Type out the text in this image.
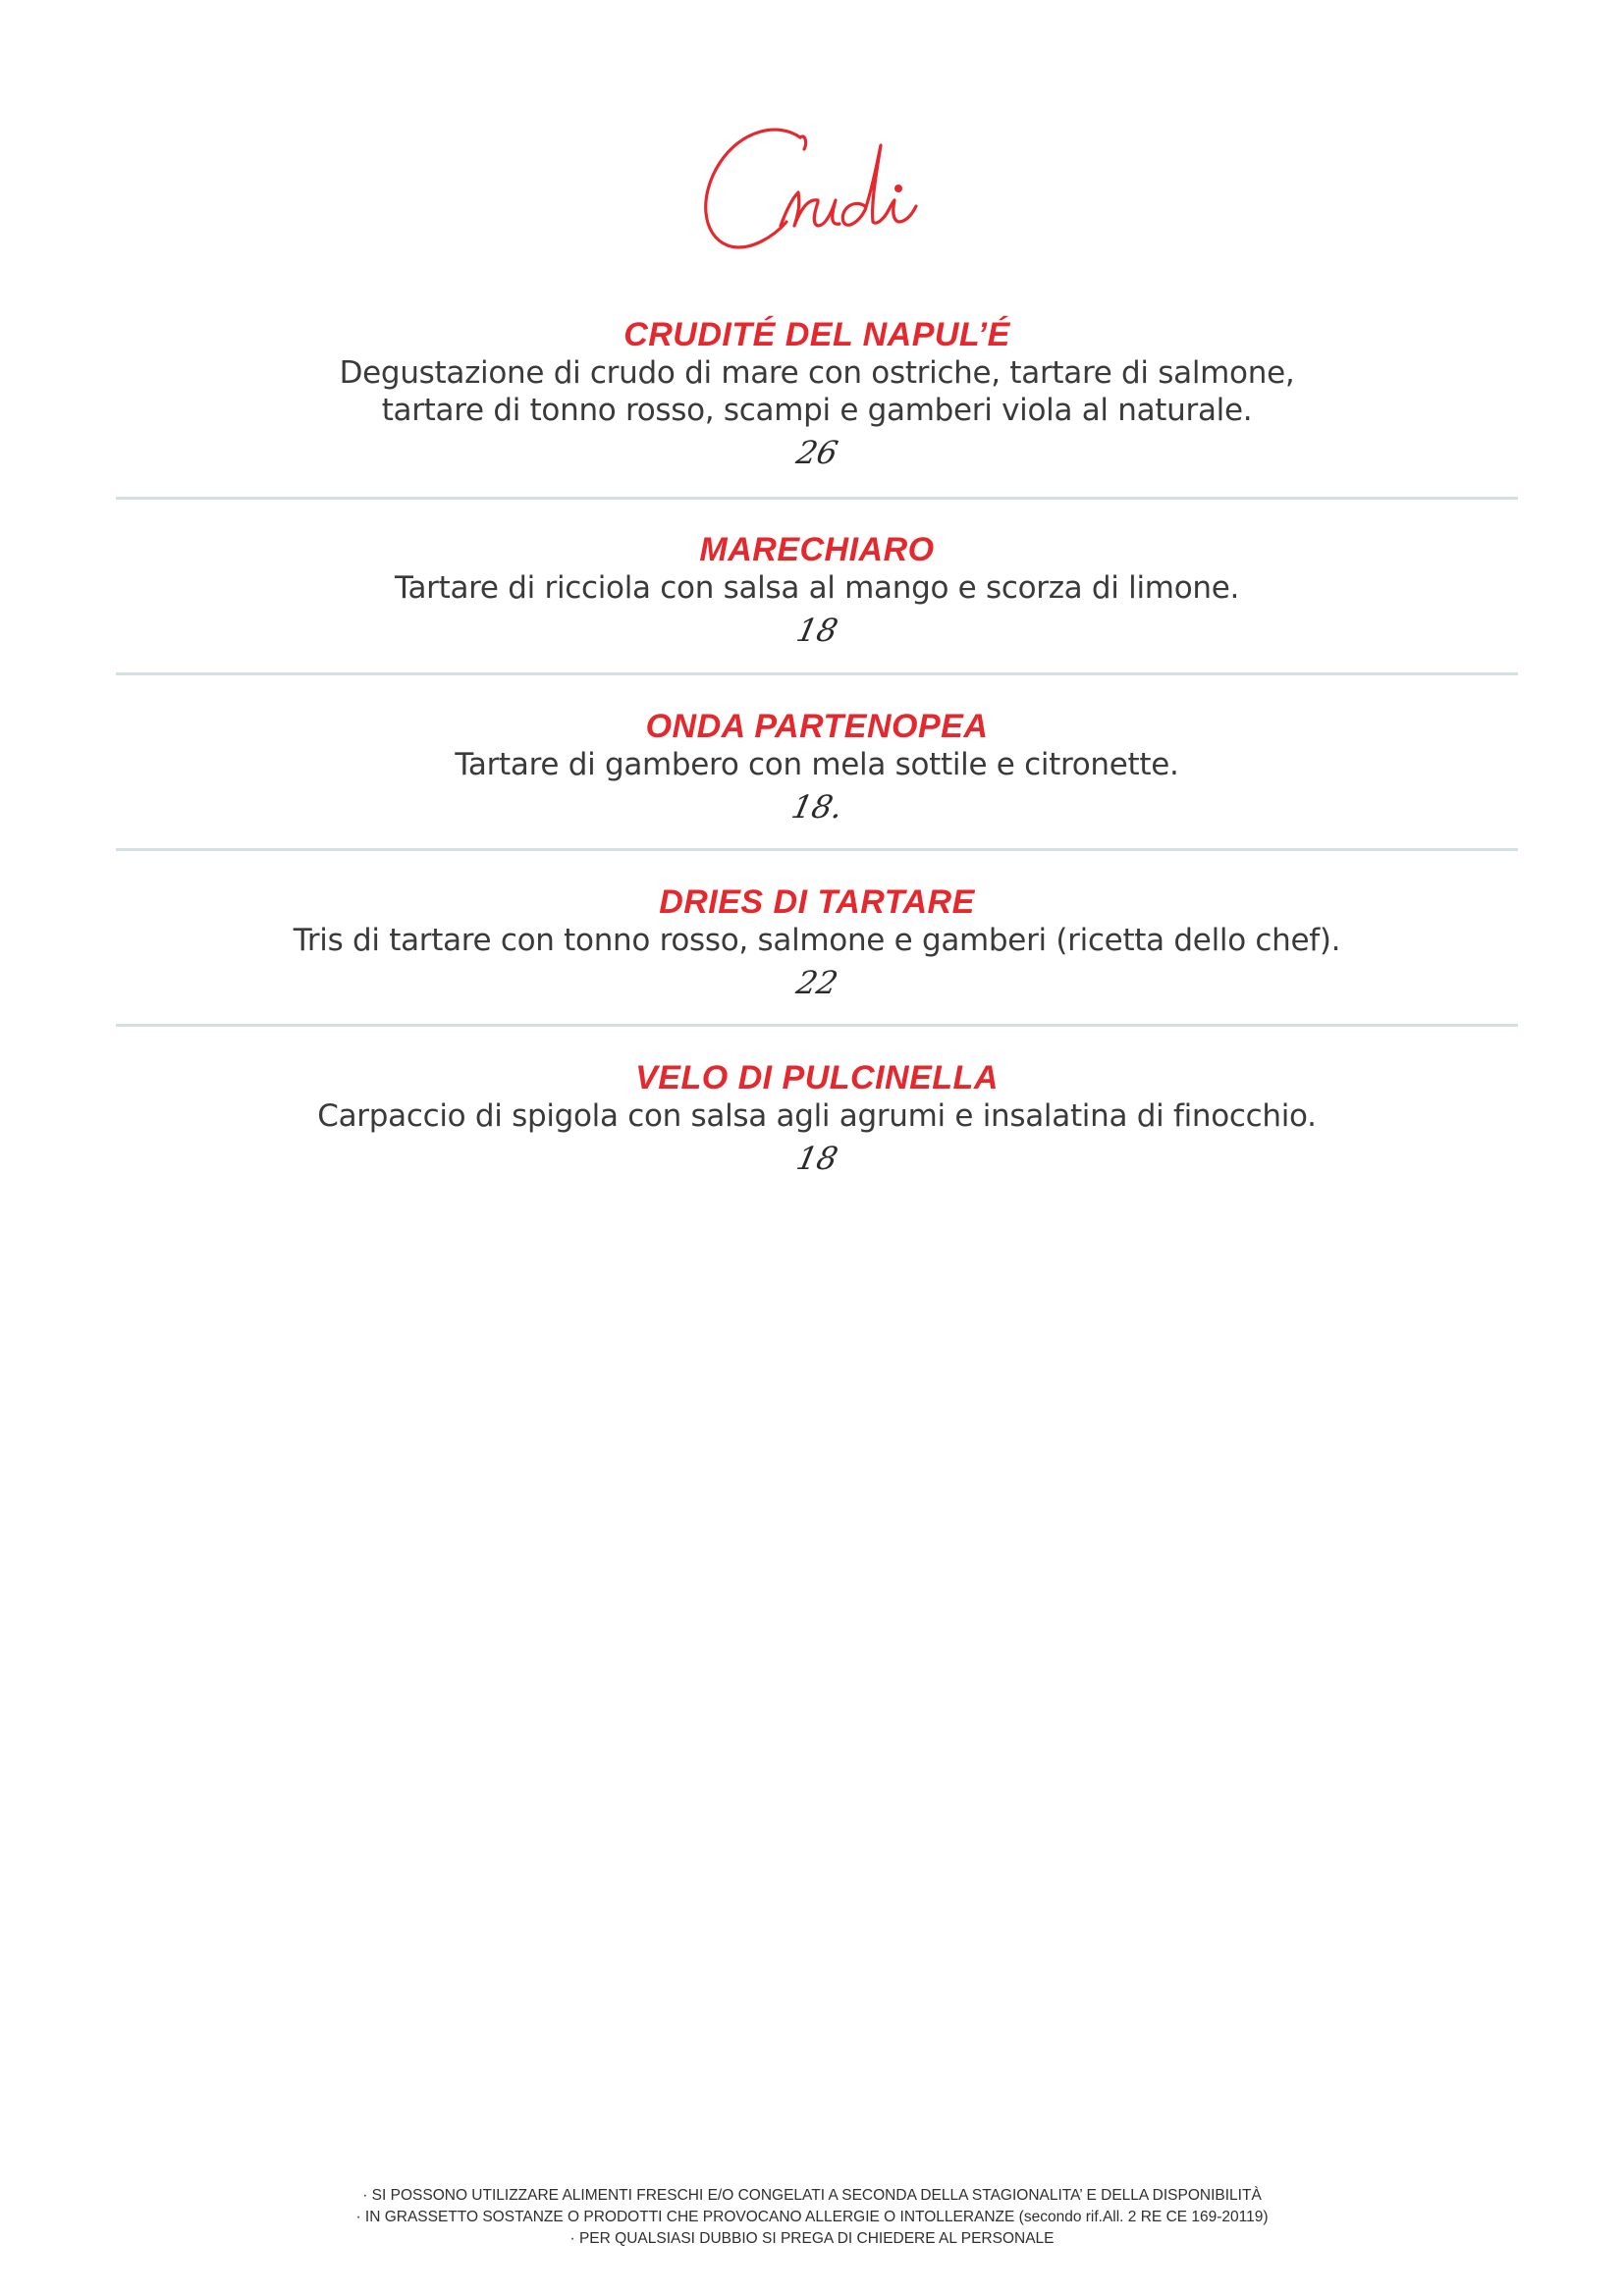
CRUDITÉ DEL NAPUL’É

Degustazione di crudo di mare con ostriche, tartare di salmone,
tartare di tonno rosso, scampi e gamberi viola al naturale.

26

MARECHIARO

Tartare di ricciola con salsa al mango e scorza di limone.

18

ONDA PARTENOPEA

Tartare di gambero con mela sottile e citronette.

18.

DRIES DI TARTARE

Tris di tartare con tonno rosso, salmone e gamberi (ricetta dello chef).

22

VELO DI PULCINELLA

Carpaccio di spigola con salsa agli agrumi e insalatina di finocchio.

18

· SI POSSONO UTILIZZARE ALIMENTI FRESCHI E/O CONGELATI A SECONDA DELLA STAGIONALITA’ E DELLA DISPONIBILITÀ

· IN GRASSETTO SOSTANZE O PRODOTTI CHE PROVOCANO ALLERGIE O INTOLLERANZE (secondo rif.All. 2 RE CE 169-20119)

· PER QUALSIASI DUBBIO SI PREGA DI CHIEDERE AL PERSONALE
